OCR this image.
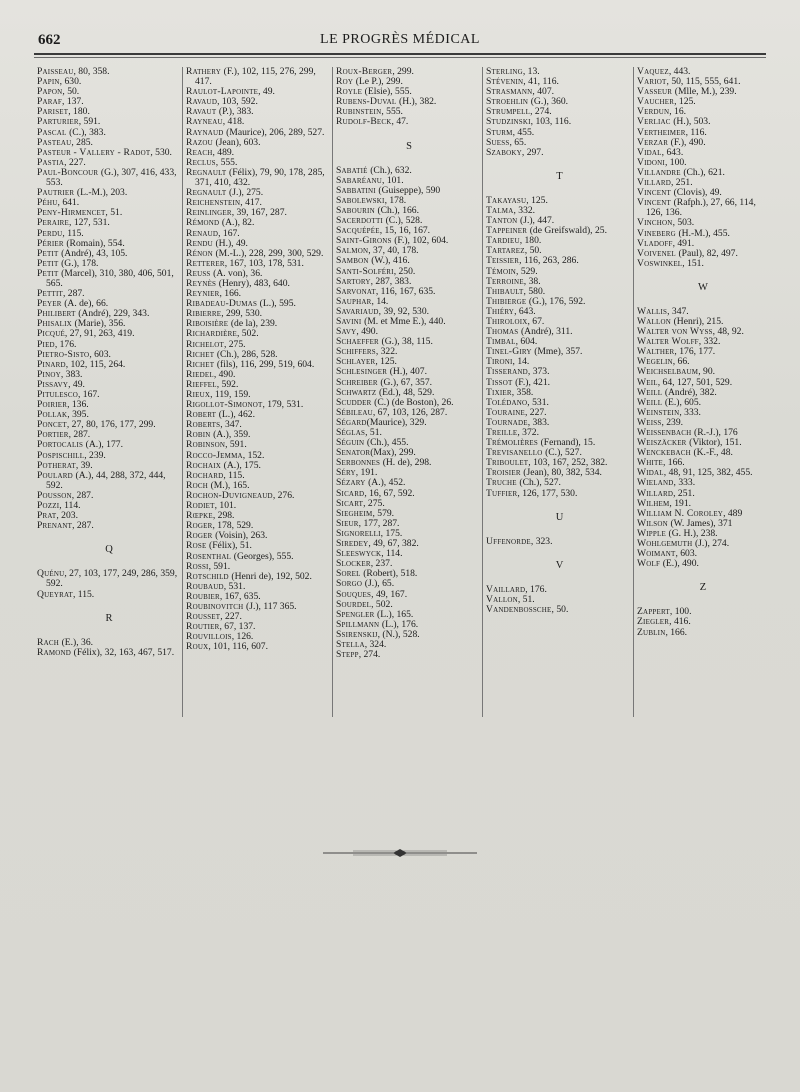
662	LE PROGRÈS MÉDICAL

Paisseau, 80, 358.

Papin, 630.

Papon, 50.

Paraf, 137.

Pariset, 180.

Parturier, 591.

Pascal (C.), 383.

Pasteau, 285.

Pasteur - Vallery - Radot, 530.

Pastia, 227.

Paul-Boncour (G.), 307, 416, 433, 553.

Pautrier (L.-M.), 203.

Péhu, 641.

Peny-Hirmencet, 51.

Peraire, 127, 531.

Perdu, 115.

Périer (Romain), 554.

Petit (André), 43, 105.

Petit (G.), 178.

Petit (Marcel), 310, 380, 406, 501, 565.

Pettit, 287.

Peyer (A. de), 66.

Philibert (André), 229, 343.

Phisalix (Marie), 356.

Picqué, 27, 91, 263, 419.

Pied, 176.

Pietro-Sisto, 603.

Pinard, 102, 115, 264.

Pinoy, 383.

Pissavy, 49.

Pitulesco, 167.

Poirier, 136.

Pollak, 395.

Poncet, 27, 80, 176, 177, 299.

Portier, 287.

Portocalis (A.), 177.

Pospischill, 239.

Potherat, 39.

Poulard (A.), 44, 288, 372, 444, 592.

Pousson, 287.

Pozzi, 114.

Prat, 203.

Prenant, 287.

Q

Quénu, 27, 103, 177, 249, 286, 359, 592.

Queyrat, 115.

R

Rach (E.), 36.

Ramond (Félix), 32, 163, 467, 517.

Rathery (F.), 102, 115, 276, 299, 417.

Raulot-Lapointe, 49.

Ravaud, 103, 592.

Ravaut (P.), 383.

Rayneau, 418.

Raynaud (Maurice), 206, 289, 527.

Razou (Jean), 603.

Reach, 489.

Reclus, 555.

Regnault (Félix), 79, 90, 178, 285, 371, 410, 432.

Regnault (J.), 275.

Reichenstein, 417.

Reinlinger, 39, 167, 287.

Rémond (A.), 82.

Renaud, 167.

Rendu (H.), 49.

Rénon (M.-L.), 228, 299, 300, 529.

Retterer, 167, 103, 178, 531.

Reuss (A. von), 36.

Reynès (Henry), 483, 640.

Reynier, 166.

Ribadeau-Dumas (L.), 595.

Ribierre, 299, 530.

Riboisière (de la), 239.

Richardière, 502.

Richelot, 275.

Richet (Ch.), 286, 528.

Richet (fils), 116, 299, 519, 604.

Riedel, 490.

Rieffel, 592.

Rieux, 119, 159.

Rigollot-Simonot, 179, 531.

Robert (L.), 462.

Roberts, 347.

Robin (A.), 359.

Robinson, 591.

Rocco-Jemma, 152.

Rochaix (A.), 175.

Rochard, 115.

Roch (M.), 165.

Rochon-Duvigneaud, 276.

Rodiet, 101.

Rœpke, 298.

Roger, 178, 529.

Roger (Voisin), 263.

Rose (Félix), 51.

Rosenthal (Georges), 555.

Rossi, 591.

Rotschild (Henri de), 192, 502.

Roubaud, 531.

Roubier, 167, 635.

Roubinovitch (J.), 117 365.

Rousset, 227.

Routier, 67, 137.

Rouvillois, 126.

Roux, 101, 116, 607.

Roux-Berger, 299.

Roy (Le P.), 299.

Royle (Elsie), 555.

Rubens-Duval (H.), 382.

Rubinstein, 555.

Rudolf-Beck, 47.

S

Sabatié (Ch.), 632.

Sabaréanu, 101.

Sabbatini (Guiseppe), 590

Sabolewski, 178.

Sabourin (Ch.), 166.

Sacerdotti (C.), 528.

Sacquépée, 15, 16, 167.

Saint-Girons (F.), 102, 604.

Salmon, 37, 40, 178.

Sambon (W.), 416.

Santi-Solféri, 250.

Sartory, 287, 383.

Sarvonat, 116, 167, 635.

Sauphar, 14.

Savariaud, 39, 92, 530.

Savini (M. et Mme E.), 440.

Savy, 490.

Schaeffer (G.), 38, 115.

Schiffers, 322.

Schlayer, 125.

Schlesinger (H.), 407.

Schreiber (G.), 67, 357.

Schwartz (Ed.), 48, 529.

Scudder (C.) (de Boston), 26.

Sébileau, 67, 103, 126, 287.

Ségard(Maurice), 329.

Séglas, 51.

Séguin (Ch.), 455.

Senator(Max), 299.

Serbonnes (H. de), 298.

Séry, 191.

Sézary (A.), 452.

Sicard, 16, 67, 592.

Sicart, 275.

Siegheim, 579.

Sieur, 177, 287.

Signorelli, 175.

Siredey, 49, 67, 382.

Sleeswyck, 114.

Slocker, 237.

Sorel (Robert), 518.

Sorgo (J.), 65.

Souques, 49, 167.

Sourdel, 502.

Spengler (L.), 165.

Spillmann (L.), 176.

Ssirenskij, (N.), 528.

Stella, 324.

Stepp, 274.

Sterling, 13.

Stévenin, 41, 116.

Strasmann, 407.

Stroehlin (G.), 360.

Strumpell, 274.

Studzinski, 103, 116.

Sturm, 455.

Suess, 65.

Szaboky, 297.

T

Takayasu, 125.

Talma, 332.

Tanton (J.), 447.

Tappeiner (de Greifswald), 25.

Tardieu, 180.

Tartarez, 50.

Teissier, 116, 263, 286.

Témoin, 529.

Terroine, 38.

Thibault, 580.

Thibierge (G.), 176, 592.

Thiéry, 643.

Thiroloix, 67.

Thomas (André), 311.

Timbal, 604.

Tinel-Giry (Mme), 357.

Tironi, 14.

Tisserand, 373.

Tissot (F.), 421.

Tixier, 358.

Tolédano, 531.

Touraine, 227.

Tournade, 383.

Treille, 372.

Trémolières (Fernand), 15.

Trevisanello (C.), 527.

Triboulet, 103, 167, 252, 382.

Troisier (Jean), 80, 382, 534.

Truche (Ch.), 527.

Tuffier, 126, 177, 530.

U

Uffenorde, 323.

V

Vaillard, 176.

Vallon, 51.

Vandenbossche, 50.

Vaquez, 443.

Variot, 50, 115, 555, 641.

Vasseur (Mlle, M.), 239.

Vaucher, 125.

Verdun, 16.

Verliac (H.), 503.

Vertheimer, 116.

Verzar (F.), 490.

Vidal, 643.

Vidoni, 100.

Villandre (Ch.), 621.

Villard, 251.

Vincent (Clovis), 49.

Vincent (Rafph.), 27, 66, 114, 126, 136.

Vinchon, 503.

Vineberg (H.-M.), 455.

Vladoff, 491.

Voivenel (Paul), 82, 497.

Voswinkel, 151.

W

Wallis, 347.

Wallon (Henri), 215.

Walter von Wyss, 48, 92.

Walter Wolff, 332.

Walther, 176, 177.

Wegelin, 66.

Weichselbaum, 90.

Weil, 64, 127, 501, 529.

Weill (André), 382.

Weill (E.), 605.

Weinstein, 333.

Weiss, 239.

Weissenbach (R.-J.), 176

Weiszäcker (Viktor), 151.

Wenckebach (K.-F., 48.

White, 166.

Widal, 48, 91, 125, 382, 455.

Wieland, 333.

Willard, 251.

Wilhem, 191.

William N. Coroley, 489

Wilson (W. James), 371

Wipple (G. H.), 238.

Wohlgemuth (J.), 274.

Woimant, 603.

Wolf (E.), 490.

Z

Zappert, 100.

Ziegler, 416.

Zublin, 166.
